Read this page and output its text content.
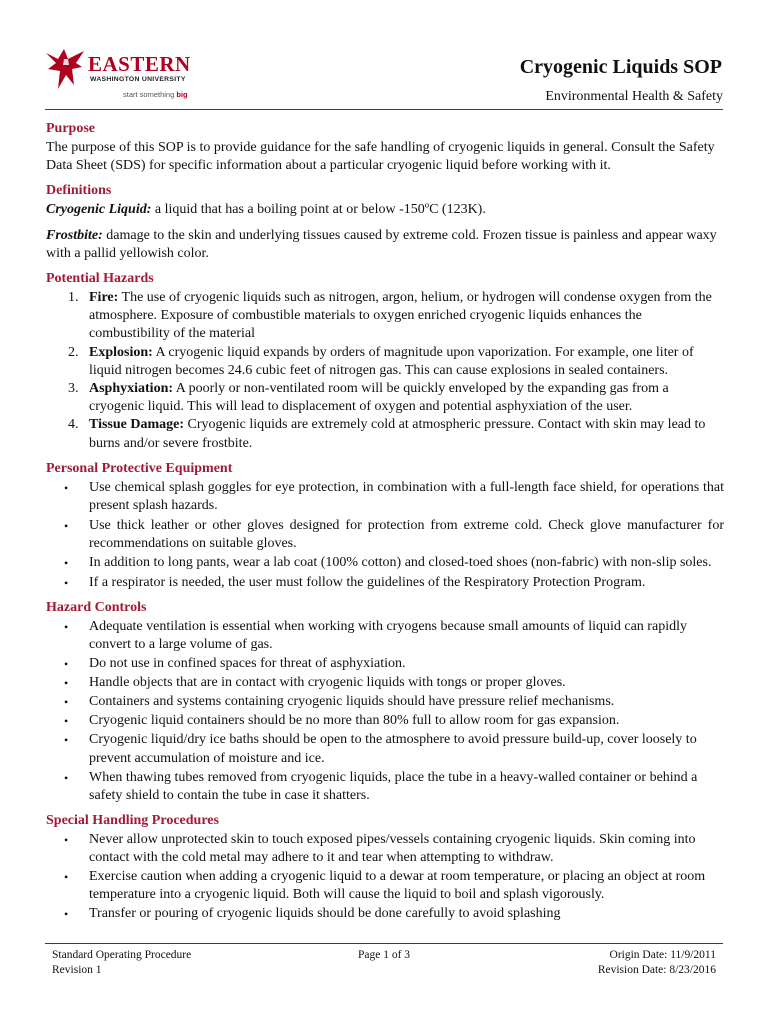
EASTERN
WASHINGTON UNIVERSITY
start something big
Cryogenic Liquids SOP
Environmental Health & Safety
Purpose

The purpose of this SOP is to provide guidance for the safe handling of cryogenic liquids in general. Consult the Safety Data Sheet (SDS) for specific information about a particular cryogenic liquid before working with it.

Definitions

Cryogenic Liquid: a liquid that has a boiling point at or below -150ºC (123K).

Frostbite: damage to the skin and underlying tissues caused by extreme cold. Frozen tissue is painless and appear waxy with a pallid yellowish color.

Potential Hazards
1. Fire: The use of cryogenic liquids such as nitrogen, argon, helium, or hydrogen will condense oxygen from the atmosphere. Exposure of combustible materials to oxygen enriched cryogenic liquids enhances the combustibility of the material
2. Explosion: A cryogenic liquid expands by orders of magnitude upon vaporization. For example, one liter of liquid nitrogen becomes 24.6 cubic feet of nitrogen gas. This can cause explosions in sealed containers.
3. Asphyxiation: A poorly or non-ventilated room will be quickly enveloped by the expanding gas from a cryogenic liquid. This will lead to displacement of oxygen and potential asphyxiation of the user.
4. Tissue Damage: Cryogenic liquids are extremely cold at atmospheric pressure. Contact with skin may lead to burns and/or severe frostbite.
Personal Protective Equipment
• Use chemical splash goggles for eye protection, in combination with a full-length face shield, for operations that present splash hazards.
• Use thick leather or other gloves designed for protection from extreme cold. Check glove manufacturer for recommendations on suitable gloves.
• In addition to long pants, wear a lab coat (100% cotton) and closed-toed shoes (non-fabric) with non-slip soles.
• If a respirator is needed, the user must follow the guidelines of the Respiratory Protection Program.
Hazard Controls
• Adequate ventilation is essential when working with cryogens because small amounts of liquid can rapidly convert to a large volume of gas.
• Do not use in confined spaces for threat of asphyxiation.
• Handle objects that are in contact with cryogenic liquids with tongs or proper gloves.
• Containers and systems containing cryogenic liquids should have pressure relief mechanisms.
• Cryogenic liquid containers should be no more than 80% full to allow room for gas expansion.
• Cryogenic liquid/dry ice baths should be open to the atmosphere to avoid pressure build-up, cover loosely to prevent accumulation of moisture and ice.
• When thawing tubes removed from cryogenic liquids, place the tube in a heavy-walled container or behind a safety shield to contain the tube in case it shatters.
Special Handling Procedures
• Never allow unprotected skin to touch exposed pipes/vessels containing cryogenic liquids. Skin coming into contact with the cold metal may adhere to it and tear when attempting to withdraw.
• Exercise caution when adding a cryogenic liquid to a dewar at room temperature, or placing an object at room temperature into a cryogenic liquid. Both will cause the liquid to boil and splash vigorously.
• Transfer or pouring of cryogenic liquids should be done carefully to avoid splashing
Standard Operating Procedure
Revision 1
Page 1 of 3	Origin Date: 11/9/2011
Revision Date: 8/23/2016
